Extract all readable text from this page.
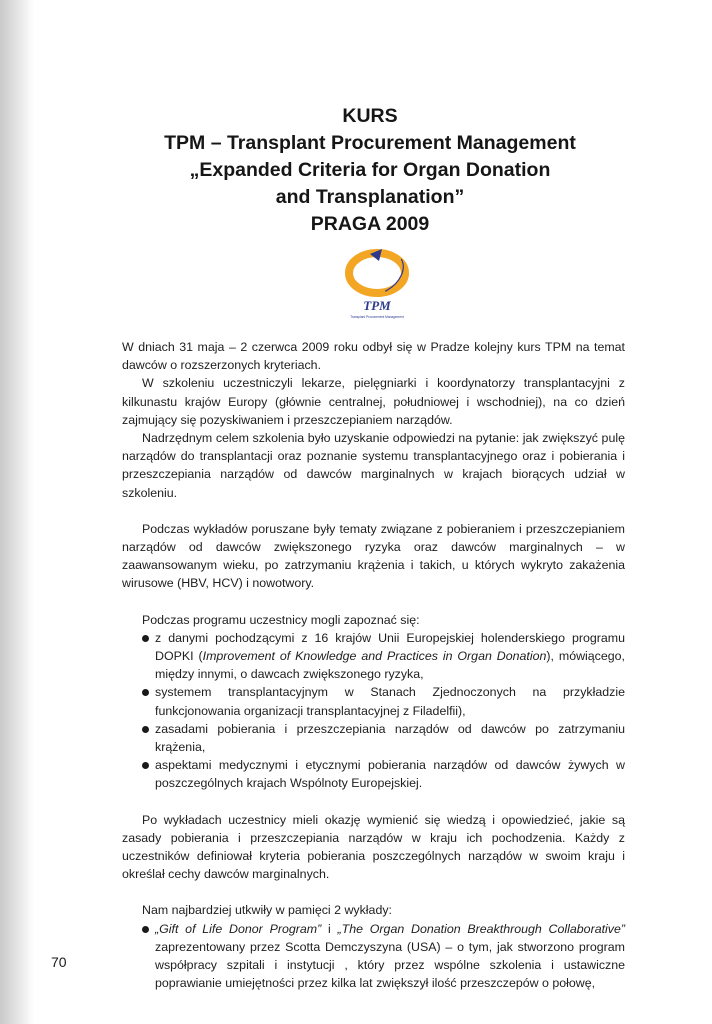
KURS
TPM – Transplant Procurement Management
„Expanded Criteria for Organ Donation
and Transplanation”
PRAGA 2009
TPM
Transplant Procurement Management

W dniach 31 maja – 2 czerwca 2009 roku odbył się w Pradze kolejny kurs TPM na temat dawców o rozszerzonych kryteriach.

W szkoleniu uczestniczyli lekarze, pielęgniarki i koordynatorzy transplantacyjni z kilkunastu krajów Europy (głównie centralnej, południowej i wschodniej), na co dzień zajmujący się pozyskiwaniem i przeszczepianiem narządów.

Nadrzędnym celem szkolenia było uzyskanie odpowiedzi na pytanie: jak zwiększyć pulę narządów do transplantacji oraz poznanie systemu transplantacyjnego oraz i pobierania i przeszczepiania narządów od dawców marginalnych w krajach biorących udział w szkoleniu.

Podczas wykładów poruszane były tematy związane z pobieraniem i przeszczepianiem narządów od dawców zwiększonego ryzyka oraz dawców marginalnych – w zaawansowanym wieku, po zatrzymaniu krążenia i takich, u których wykryto zakażenia wirusowe (HBV, HCV) i nowotwory.

Podczas programu uczestnicy mogli zapoznać się:

z danymi pochodzącymi z 16 krajów Unii Europejskiej holenderskiego programu DOPKI (Improvement of Knowledge and Practices in Organ Donation), mówiącego, między innymi, o dawcach zwiększonego ryzyka,
systemem transplantacyjnym w Stanach Zjednoczonych na przykładzie funkcjonowania organizacji transplantacyjnej z Filadelfii),
zasadami pobierania i przeszczepiania narządów od dawców po zatrzymaniu krążenia,
aspektami medycznymi i etycznymi pobierania narządów od dawców żywych w poszczególnych krajach Wspólnoty Europejskiej.

Po wykładach uczestnicy mieli okazję wymienić się wiedzą i opowiedzieć, jakie są zasady pobierania i przeszczepiania narządów w kraju ich pochodzenia. Każdy z uczestników definiował kryteria pobierania poszczególnych narządów w swoim kraju i określał cechy dawców marginalnych.

Nam najbardziej utkwiły w pamięci 2 wykłady:

„Gift of Life Donor Program” i „The Organ Donation Breakthrough Collaborative” zaprezentowany przez Scotta Demczyszyna (USA) – o tym, jak stworzono program współpracy szpitali i instytucji , który przez wspólne szkolenia i ustawiczne poprawianie umiejętności przez kilka lat zwiększył ilość przeszczepów o połowę,
70
